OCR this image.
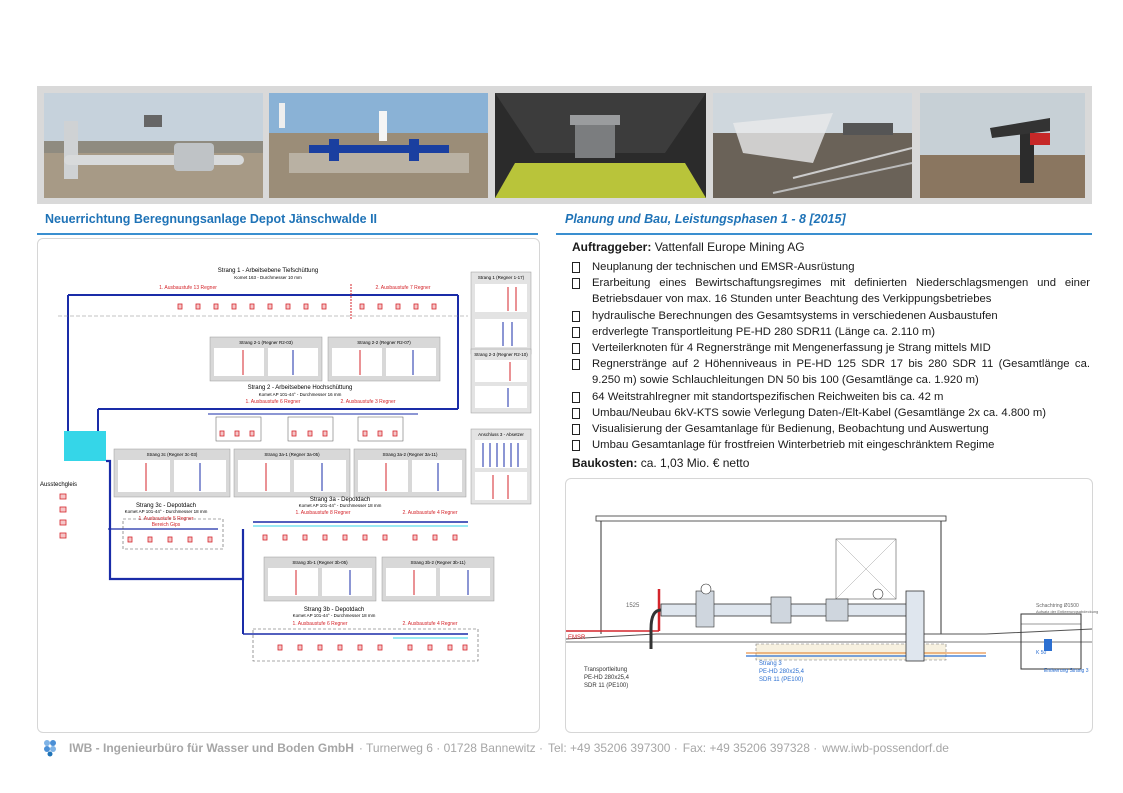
Neuerrichtung Beregnungsanlage Depot Jänschwalde II	Planung und Bau, Leistungsphasen 1 - 8 [2015]
Strang 1 - Arbeitsebene Tiefschüttung
Komet 163 - Durchmesser 10 mm
1. Ausbaustufe 13 Regner	2. Ausbaustufe 7 Regner
Strang 1 (Regner 1-17)
Strang 2-3 (Regner R2-10)
Strang 2-1 (Regner R2-03)	Strang 2-2 (Regner R2-07)
Strang 2 - Arbeitsebene Hochschüttung
Komet AP 101-44° - Durchmesser 16 mm
1. Ausbaustufe 6 Regner	2. Ausbaustufe 3 Regner
Strang 3c (Regner 3c-03)	Strang 3a-1 (Regner 3a-05)	Strang 3a-2 (Regner 3a-11)
Anschluss 3 - Absetzer
Ausstechgleis
Strang 3c - Depotdach
Komet AP 101-44° - Durchmesser 18 mm
1. Ausbaustufe 5 Regner
Bereich Gips
Strang 3a - Depotdach
Komet AP 101-44° - Durchmesser 18 mm
1. Ausbaustufe 8 Regner	2. Ausbaustufe 4 Regner
Strang 3b-1 (Regner 3b-05)	Strang 3b-2 (Regner 3b-11)
Strang 3b - Depotdach
Komet AP 101-44° - Durchmesser 18 mm
1. Ausbaustufe 6 Regner	2. Ausbaustufe 4 Regner
Auftraggeber: Vattenfall Europe Mining AG
Neuplanung der technischen und EMSR-Ausrüstung
Erarbeitung eines Bewirtschaftungsregimes mit definierten Niederschlagsmengen und einer Betriebsdauer von max. 16 Stunden unter Beachtung des Verkippungsbetriebes
hydraulische Berechnungen des Gesamtsystems in verschiedenen Ausbaustufen
erdverlegte Transportleitung PE-HD 280 SDR11 (Länge ca. 2.110 m)
Verteilerknoten für 4 Regnerstränge mit Mengenerfassung je Strang mittels MID
Regnerstränge auf 2 Höhenniveaus in PE-HD 125 SDR 17 bis 280 SDR 11 (Gesamtlänge ca. 9.250 m) sowie Schlauchleitungen DN 50 bis 100 (Gesamtlänge ca. 1.920 m)
64 Weitstrahlregner mit standortspezifischen Reichweiten bis ca. 42 m
Umbau/Neubau 6kV-KTS sowie Verlegung Daten-/Elt-Kabel (Gesamtlänge 2x ca. 4.800 m)
Visualisierung der Gesamtanlage für Bedienung, Beobachtung und Auswertung
Umbau Gesamtanlage für frostfreien Winterbetrieb mit eingeschränktem Regime
Baukosten: ca. 1,03 Mio. € netto
1525
EMSR
Schachtring Ø1500
Aufsatz der Entleerungsabdeckung
K 50
Entleerung Strang 3
Transportleitung
PE-HD 280x25,4
SDR 11 (PE100)
Strang 3
PE-HD 280x25,4
SDR 11 (PE100)
IWB - Ingenieurbüro für Wasser und Boden GmbH · Turnerweg 6 · 01728 Bannewitz · Tel: +49 35206 397300 · Fax: +49 35206 397328 · www.iwb-possendorf.de
